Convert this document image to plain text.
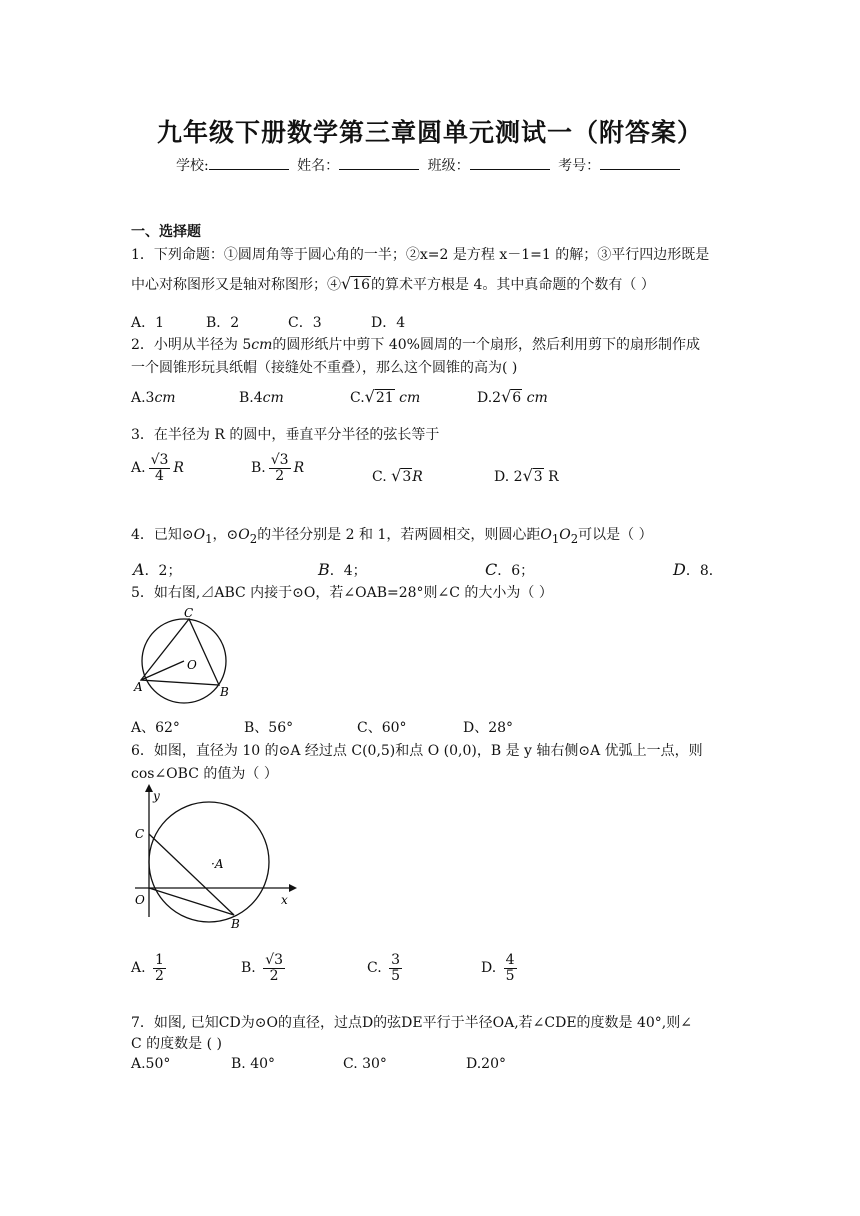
九年级下册数学第三章圆单元测试一（附答案）
学校:	姓名：	班级：	考号：
一、选择题
1．下列命题：①圆周角等于圆心角的一半；②x=2 是方程 x－1=1 的解；③平行四边形既是
中心对称图形又是轴对称图形；④√16的算术平方根是 4。其中真命题的个数有（ ）
A．1	B．2	C．3	D．4
2．小明从半径为 5cm的圆形纸片中剪下 40%圆周的一个扇形，然后利用剪下的扇形制作成
一个圆锥形玩具纸帽（接缝处不重叠），那么这个圆锥的高为( )
A.3cm	B.4cm	C.√21 cm	D.2√6 cm
3．在半径为 R 的圆中，垂直平分半径的弦长等于
A. $\frac{√3}{4}$ R	B. $\frac{√3}{2}$ R
C. √3R	D. 2√3 R
4．已知$⊙O_1$，$⊙O_2$的半径分别是 2 和 1，若两圆相交，则圆心距$O_1O_2$可以是（ ）
A．2；	B．4；	C．6；	D．8．
5．如右图,⊿ABC 内接于⊙O，若∠OAB=28°则∠C 的大小为（ ）
C
O
A	B
A、62°	B、56°	C、60°	D、28°
6．如图，直径为 10 的⊙A 经过点 C(0,5)和点 O (0,0)，B 是 y 轴右侧⊙A 优弧上一点，则
cos∠OBC 的值为（ ）
y
x
C
·A
O
B
A. $\frac{1}{2}$	B. $\frac{√3}{2}$	C. $\frac{3}{5}$	D. $\frac{4}{5}$
7．如图, 已知CD为⊙O的直径，过点D的弦DE平行于半径OA,若∠CDE的度数是 40°,则∠
C 的度数是 ( )
A.50°	B. 40°	C. 30°	D.20°
